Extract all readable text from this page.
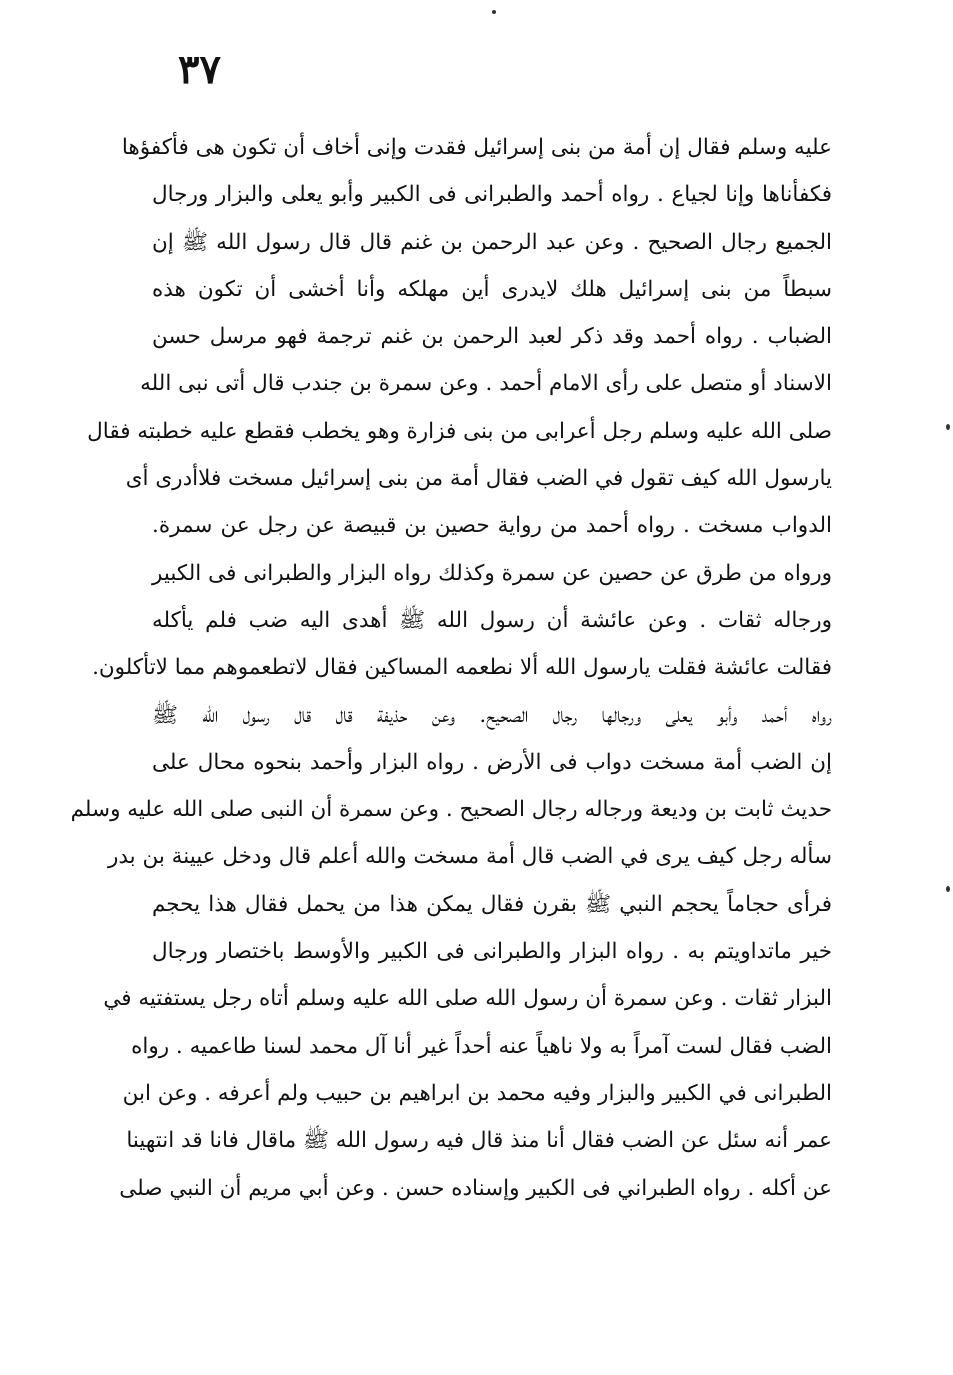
٣٧
عليه وسلم فقال إن أمة من بنى إسرائيل فقدت وإنى أخاف أن تكون هى فأكفؤها
فكفأناها وإنا لجياع . رواه أحمد والطبرانى فى الكبير وأبو يعلى والبزار ورجال
الجميع رجال الصحيح . وعن عبد الرحمن بن غنم قال قال رسول الله ﷺ إن
سبطاً من بنى إسرائيل هلك لايدرى أين مهلكه وأنا أخشى أن تكون هذه
الضباب . رواه أحمد وقد ذكر لعبد الرحمن بن غنم ترجمة فهو مرسل حسن
الاسناد أو متصل على رأى الامام أحمد . وعن سمرة بن جندب قال أتى نبى الله
صلى الله عليه وسلم رجل أعرابى من بنى فزارة وهو يخطب فقطع عليه خطبته فقال
يارسول الله كيف تقول في الضب فقال أمة من بنى إسرائيل مسخت فلاأدرى أى
الدواب مسخت . رواه أحمد من رواية حصين بن قبيصة عن رجل عن سمرة.
ورواه من طرق عن حصين عن سمرة وكذلك رواه البزار والطبرانى فى الكبير
ورجاله ثقات . وعن عائشة أن رسول الله ﷺ أهدى اليه ضب فلم يأكله
فقالت عائشة فقلت يارسول الله ألا نطعمه المساكين فقال لاتطعموهم مما لاتأكلون.
رواه أحمد وأبو يعلى ورجالها رجال الصحيح. وعن حذيفة قال قال رسول الله ﷺ
إن الضب أمة مسخت دواب فى الأرض . رواه البزار وأحمد بنحوه محال على
حديث ثابت بن وديعة ورجاله رجال الصحيح . وعن سمرة أن النبى صلى الله عليه وسلم
سأله رجل كيف يرى في الضب قال أمة مسخت والله أعلم قال ودخل عيينة بن بدر
فرأى حجاماً يحجم النبي ﷺ بقرن فقال يمكن هذا من يحمل فقال هذا يحجم
خير ماتداويتم به . رواه البزار والطبرانى فى الكبير والأوسط باختصار ورجال
البزار ثقات . وعن سمرة أن رسول الله صلى الله عليه وسلم أتاه رجل يستفتيه في
الضب فقال لست آمراً به ولا ناهياً عنه أحداً غير أنا آل محمد لسنا طاعميه . رواه
الطبرانى في الكبير والبزار وفيه محمد بن ابراهيم بن حبيب ولم أعرفه . وعن ابن
عمر أنه سئل عن الضب فقال أنا منذ قال فيه رسول الله ﷺ ماقال فانا قد انتهينا
عن أكله . رواه الطبراني فى الكبير وإسناده حسن . وعن أبي مريم أن النبي صلى
